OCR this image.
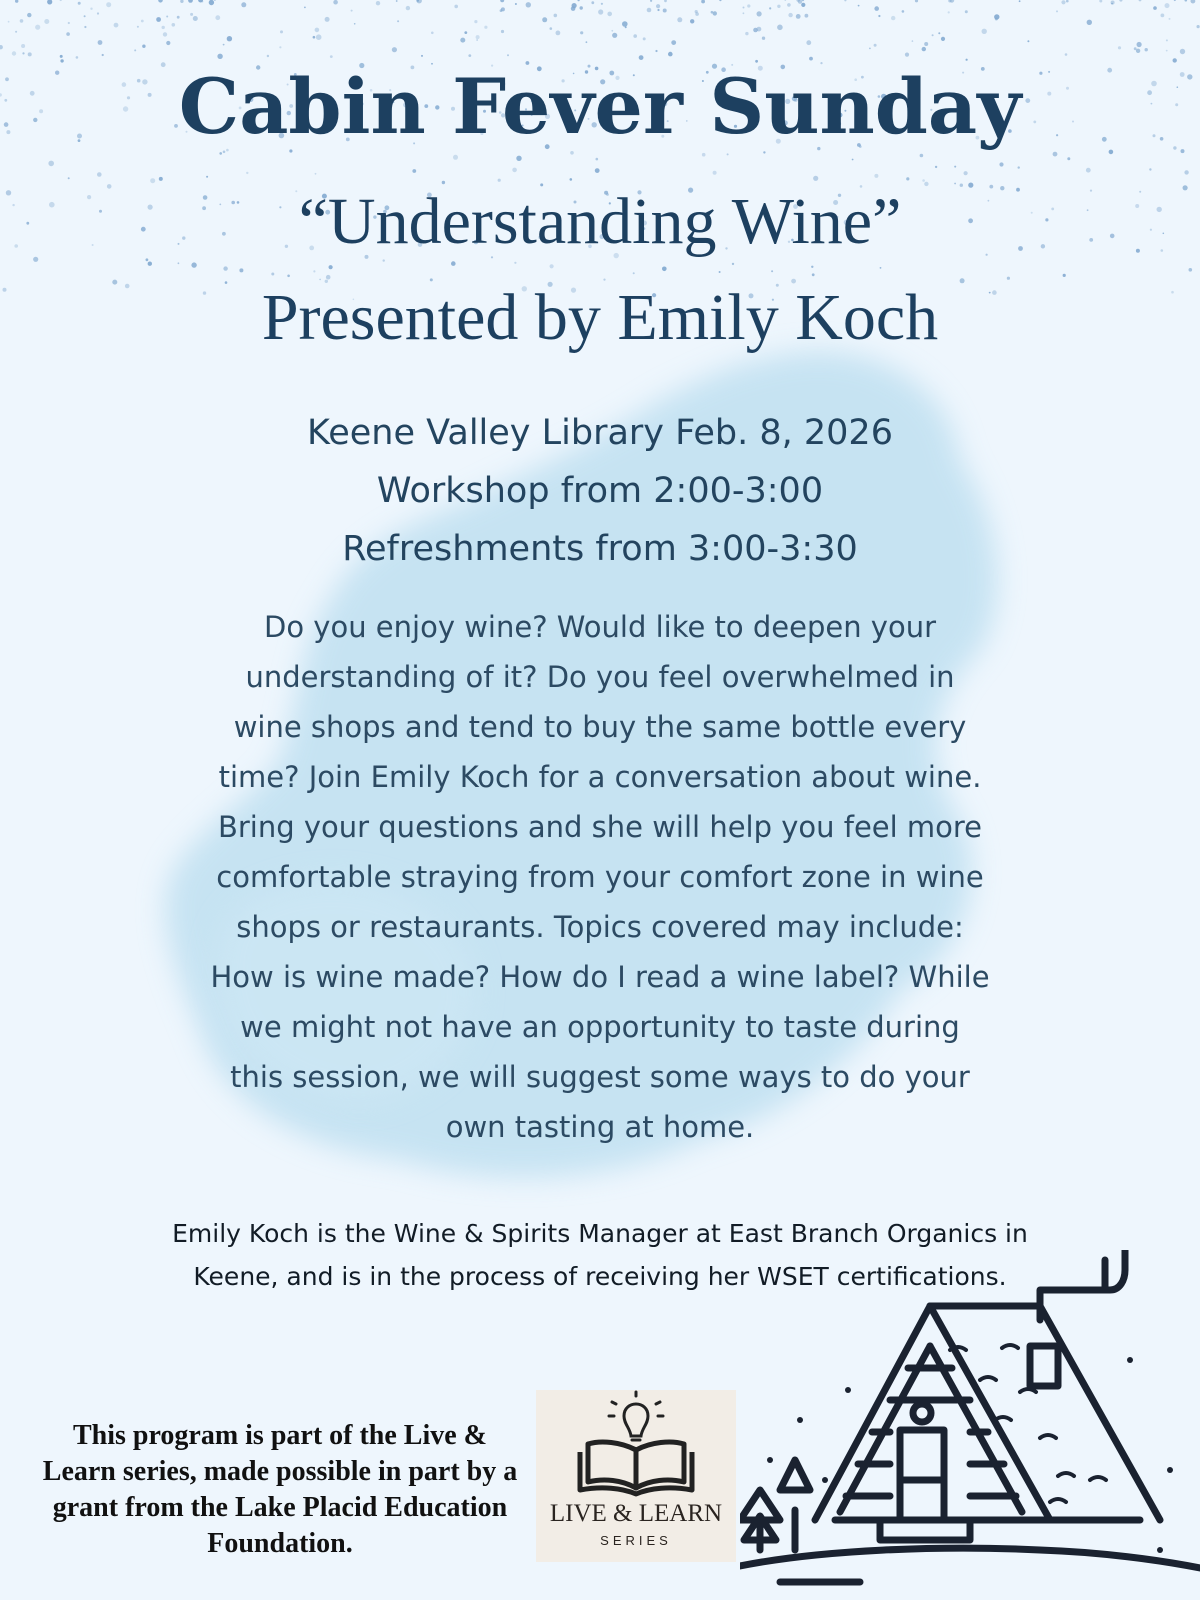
Cabin Fever Sunday
“Understanding Wine”
Presented by Emily Koch
Keene Valley Library Feb. 8, 2026
Workshop from 2:00-3:00
Refreshments from 3:00-3:30
Do you enjoy wine? Would like to deepen your understanding of it? Do you feel overwhelmed in wine shops and tend to buy the same bottle every time? Join Emily Koch for a conversation about wine. Bring your questions and she will help you feel more comfortable straying from your comfort zone in wine shops or restaurants. Topics covered may include: How is wine made? How do I read a wine label? While we might not have an opportunity to taste during this session, we will suggest some ways to do your own tasting at home.
Emily Koch is the Wine & Spirits Manager at East Branch Organics in Keene, and is in the process of receiving her WSET certifications.
This program is part of the Live & Learn series, made possible in part by a grant from the Lake Placid Education Foundation.
LIVE & LEARN
SERIES
